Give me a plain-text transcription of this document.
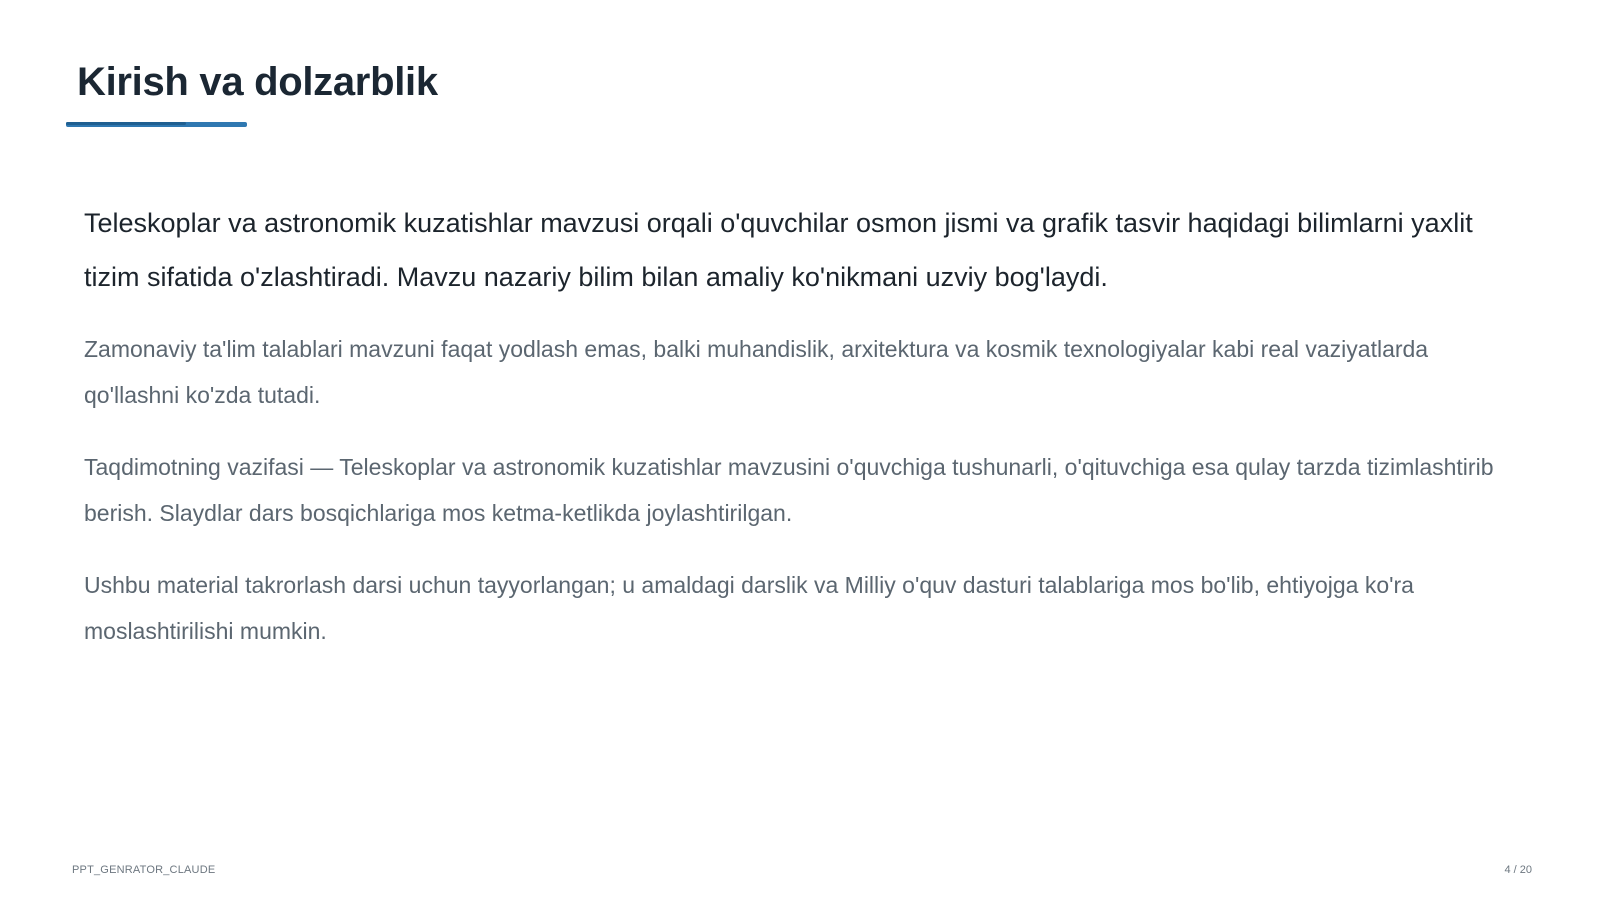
Kirish va dolzarblik

Teleskoplar va astronomik kuzatishlar mavzusi orqali o'quvchilar osmon jismi va grafik tasvir haqidagi bilimlarni yaxlit tizim sifatida o'zlashtiradi. Mavzu nazariy bilim bilan amaliy ko'nikmani uzviy bog'laydi.

Zamonaviy ta'lim talablari mavzuni faqat yodlash emas, balki muhandislik, arxitektura va kosmik texnologiyalar kabi real vaziyatlarda qo'llashni ko'zda tutadi.

Taqdimotning vazifasi — Teleskoplar va astronomik kuzatishlar mavzusini o'quvchiga tushunarli, o'qituvchiga esa qulay tarzda tizimlashtirib berish. Slaydlar dars bosqichlariga mos ketma-ketlikda joylashtirilgan.

Ushbu material takrorlash darsi uchun tayyorlangan; u amaldagi darslik va Milliy o'quv dasturi talablariga mos bo'lib, ehtiyojga ko'ra moslashtirilishi mumkin.

PPT_GENRATOR_CLAUDE	4 / 20
